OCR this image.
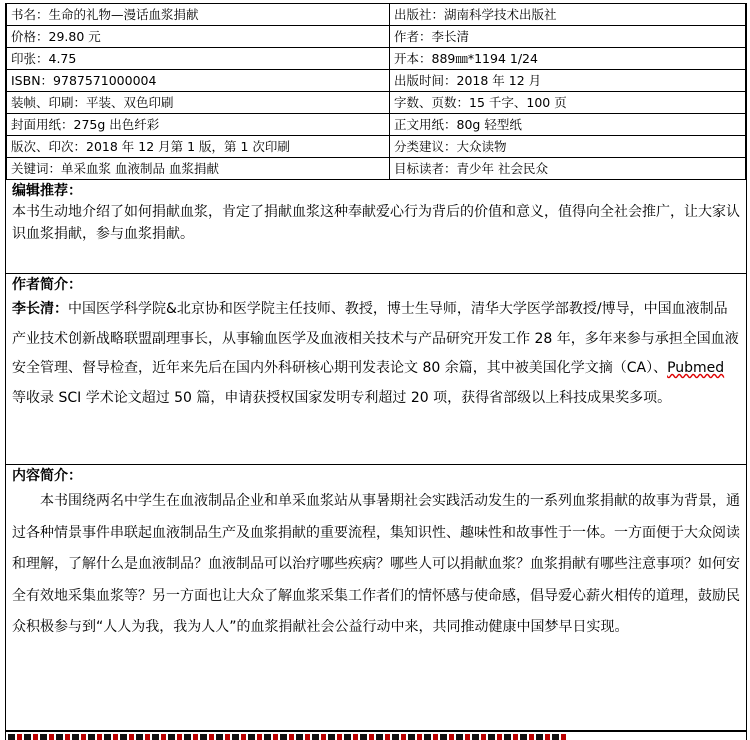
书名：生命的礼物—漫话血浆捐献	出版社：湖南科学技术出版社
价格：29.80 元	作者：李长清
印张：4.75	开本：889㎜*1194 1/24
ISBN：9787571000004	出版时间：2018 年 12 月
装帧、印刷：平装、双色印刷	字数、页数：15 千字、100 页
封面用纸：275g 出色纤彩	正文用纸：80g 轻型纸
版次、印次：2018 年 12 月第 1 版，第 1 次印刷	分类建议：大众读物
关键词：单采血浆 血液制品 血浆捐献	目标读者：青少年 社会民众
编辑推荐：
本书生动地介绍了如何捐献血浆，肯定了捐献血浆这种奉献爱心行为背后的价值和意义，值得向全社会推广，让大家认识血浆捐献，参与血浆捐献。
作者简介：
李长清：中国医学科学院&北京协和医学院主任技师、教授，博士生导师，清华大学医学部教授/博导，中国血液制品产业技术创新战略联盟副理事长，从事输血医学及血液相关技术与产品研究开发工作 28 年，多年来参与承担全国血液安全管理、督导检查，近年来先后在国内外科研核心期刊发表论文 80 余篇，其中被美国化学文摘（CA）、Pubmed 等收录 SCI 学术论文超过 50 篇，申请获授权国家发明专利超过 20 项，获得省部级以上科技成果奖多项。
内容简介：
本书围绕两名中学生在血液制品企业和单采血浆站从事暑期社会实践活动发生的一系列血浆捐献的故事为背景，通过各种情景事件串联起血液制品生产及血浆捐献的重要流程，集知识性、趣味性和故事性于一体。一方面便于大众阅读和理解，了解什么是血液制品？血液制品可以治疗哪些疾病？哪些人可以捐献血浆？血浆捐献有哪些注意事项？如何安全有效地采集血浆等？另一方面也让大众了解血浆采集工作者们的情怀感与使命感，倡导爱心薪火相传的道理，鼓励民众积极参与到“人人为我，我为人人”的血浆捐献社会公益行动中来，共同推动健康中国梦早日实现。
